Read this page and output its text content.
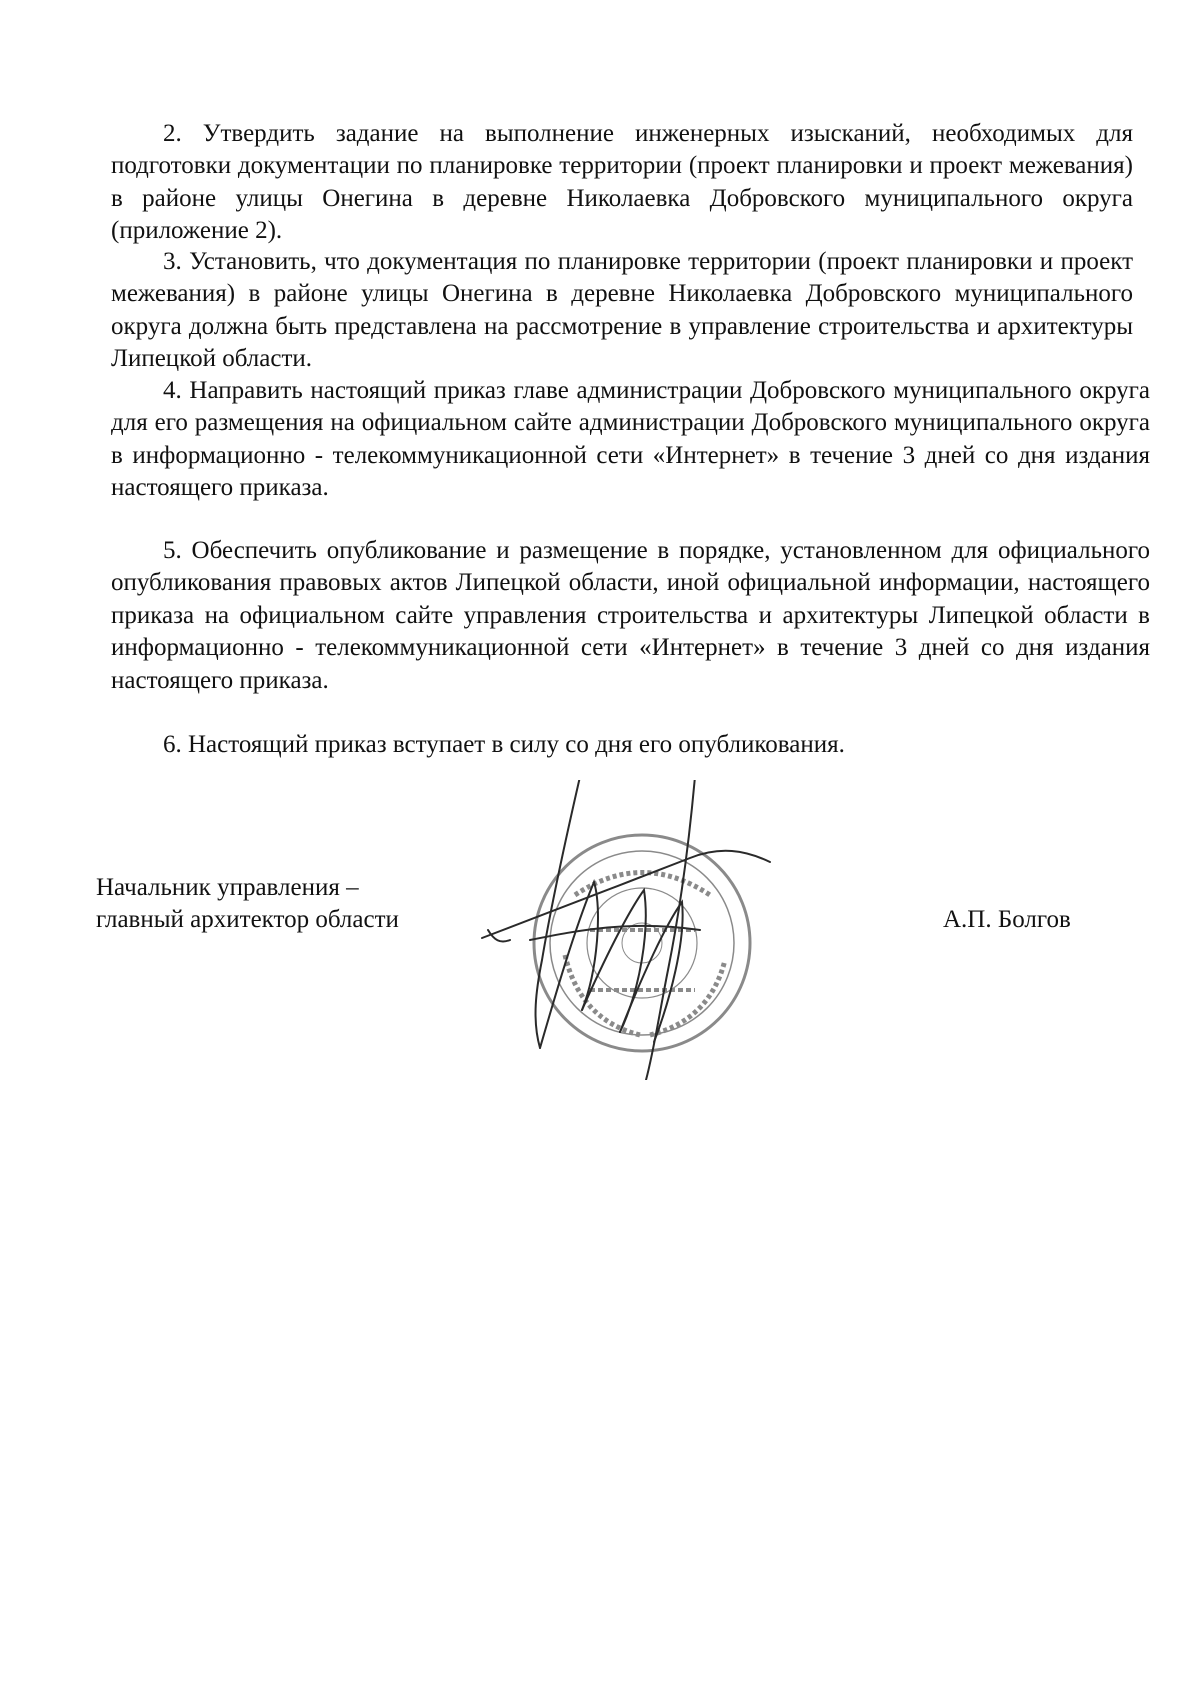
2. Утвердить задание на выполнение инженерных изысканий, необходимых для подготовки документации по планировке территории (проект планировки и проект межевания) в районе улицы Онегина в деревне Николаевка Добровского муниципального округа (приложение 2).

3. Установить, что документация по планировке территории (проект планировки и проект межевания) в районе улицы Онегина в деревне Николаевка Добровского муниципального округа должна быть представлена на рассмотрение в управление строительства и архитектуры Липецкой области.

4. Направить настоящий приказ главе администрации Добровского муниципального округа для его размещения на официальном сайте администрации Добровского муниципального округа в информационно - телекоммуникационной сети «Интернет» в течение 3 дней со дня издания настоящего приказа.

5. Обеспечить опубликование и размещение в порядке, установленном для официального опубликования правовых актов Липецкой области, иной официальной информации, настоящего приказа на официальном сайте управления строительства и архитектуры Липецкой области в информационно - телекоммуникационной сети «Интернет» в течение 3 дней со дня издания настоящего приказа.

6. Настоящий приказ вступает в силу со дня его опубликования.

Начальник управления –
главный архитектор области	А.П. Болгов
